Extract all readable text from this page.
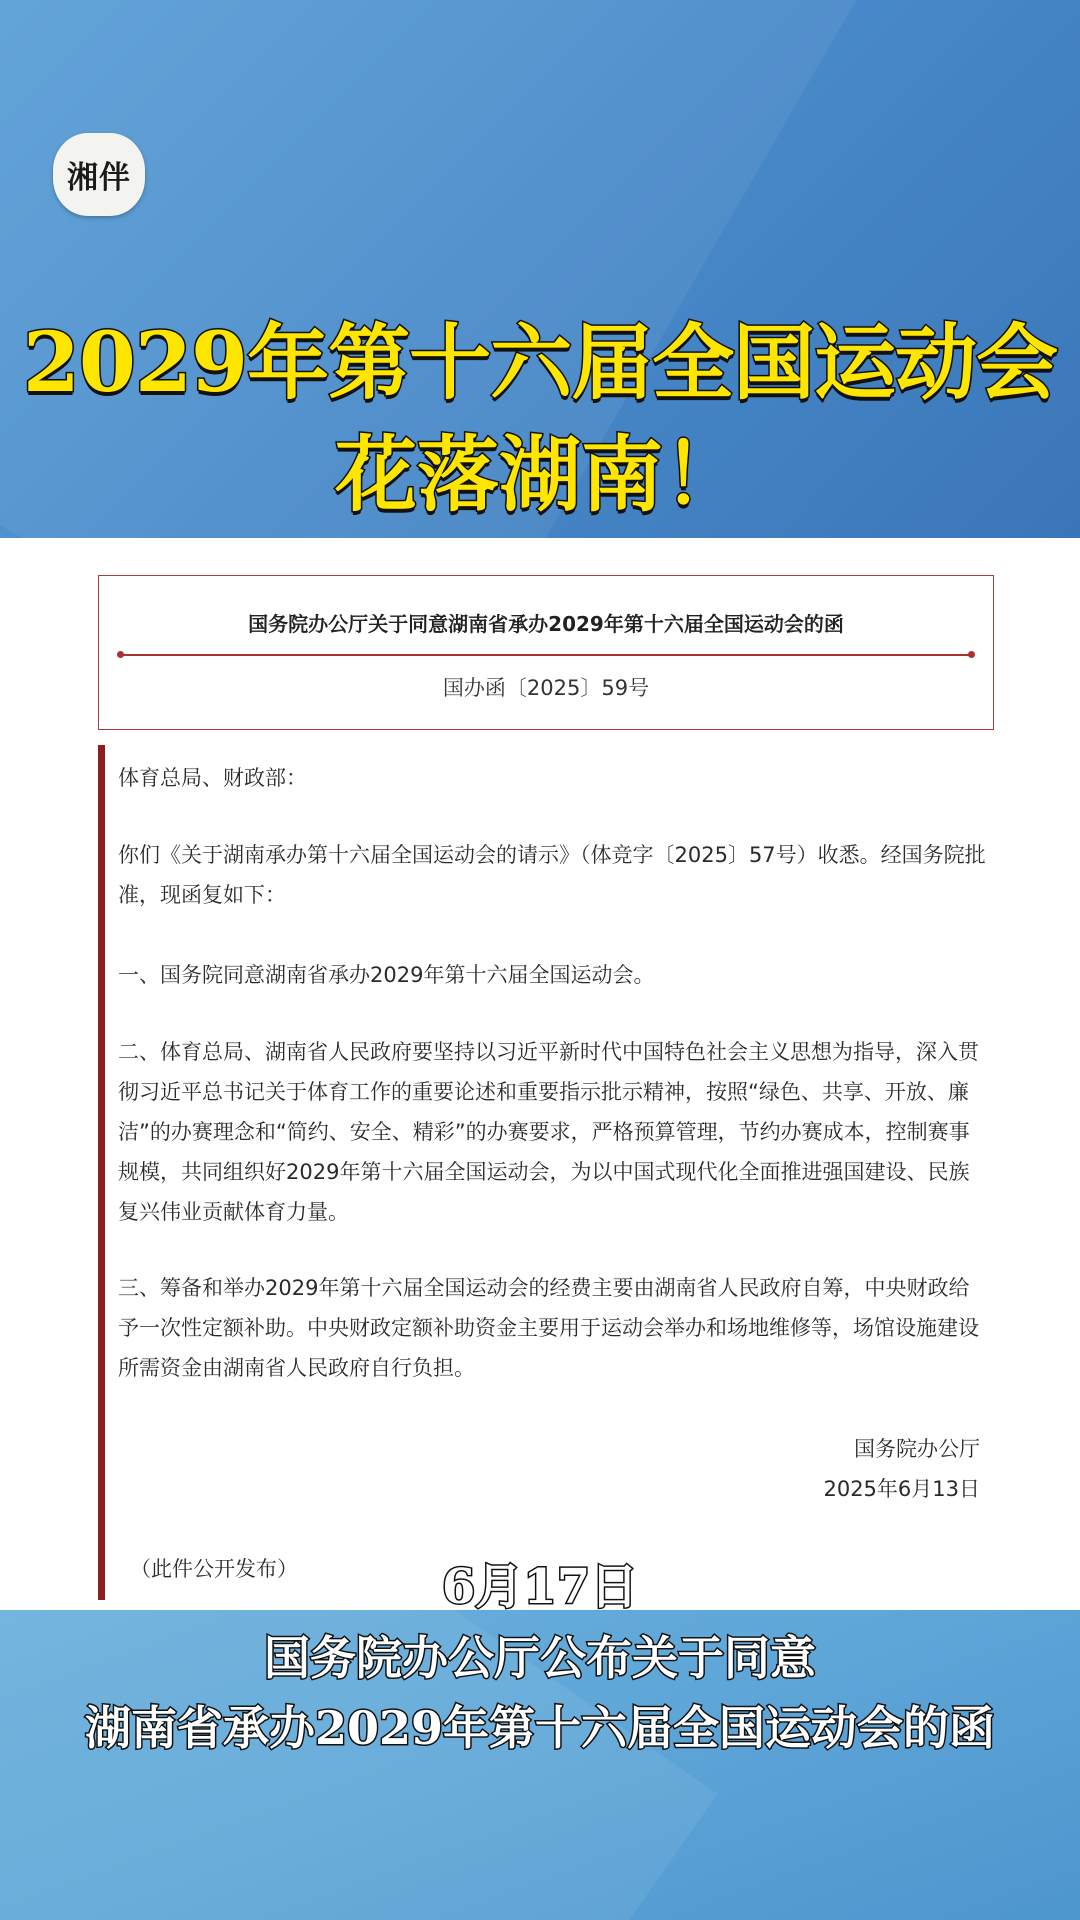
湘伴
2029年第十六届全国运动会
花落湖南！
国务院办公厅关于同意湖南省承办2029年第十六届全国运动会的函
国办函〔2025〕59号
体育总局、财政部：
你们《关于湖南承办第十六届全国运动会的请示》（体竞字〔2025〕57号）收悉。经国务院批准，现函复如下：
一、国务院同意湖南省承办2029年第十六届全国运动会。
二、体育总局、湖南省人民政府要坚持以习近平新时代中国特色社会主义思想为指导，深入贯彻习近平总书记关于体育工作的重要论述和重要指示批示精神，按照“绿色、共享、开放、廉洁”的办赛理念和“简约、安全、精彩”的办赛要求，严格预算管理，节约办赛成本，控制赛事规模，共同组织好2029年第十六届全国运动会，为以中国式现代化全面推进强国建设、民族复兴伟业贡献体育力量。
三、筹备和举办2029年第十六届全国运动会的经费主要由湖南省人民政府自筹，中央财政给予一次性定额补助。中央财政定额补助资金主要用于运动会举办和场地维修等，场馆设施建设所需资金由湖南省人民政府自行负担。
国务院办公厅
2025年6月13日
（此件公开发布）	6月17日
国务院办公厅公布关于同意
湖南省承办2029年第十六届全国运动会的函
